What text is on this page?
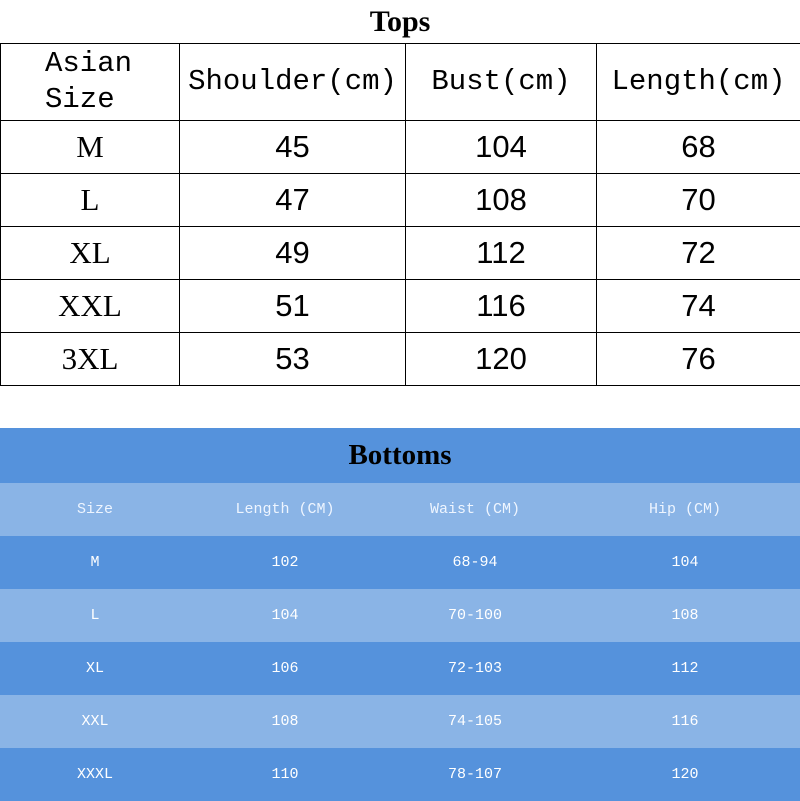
Tops
Asian
Size	Shoulder(cm)	Bust(cm)	Length(cm)
M	45	104	68
L	47	108	70
XL	49	112	72
XXL	51	116	74
3XL	53	120	76
Bottoms
Size	Length (CM)	Waist (CM)	Hip (CM)
M	102	68-94	104
L	104	70-100	108
XL	106	72-103	112
XXL	108	74-105	116
XXXL	110	78-107	120
